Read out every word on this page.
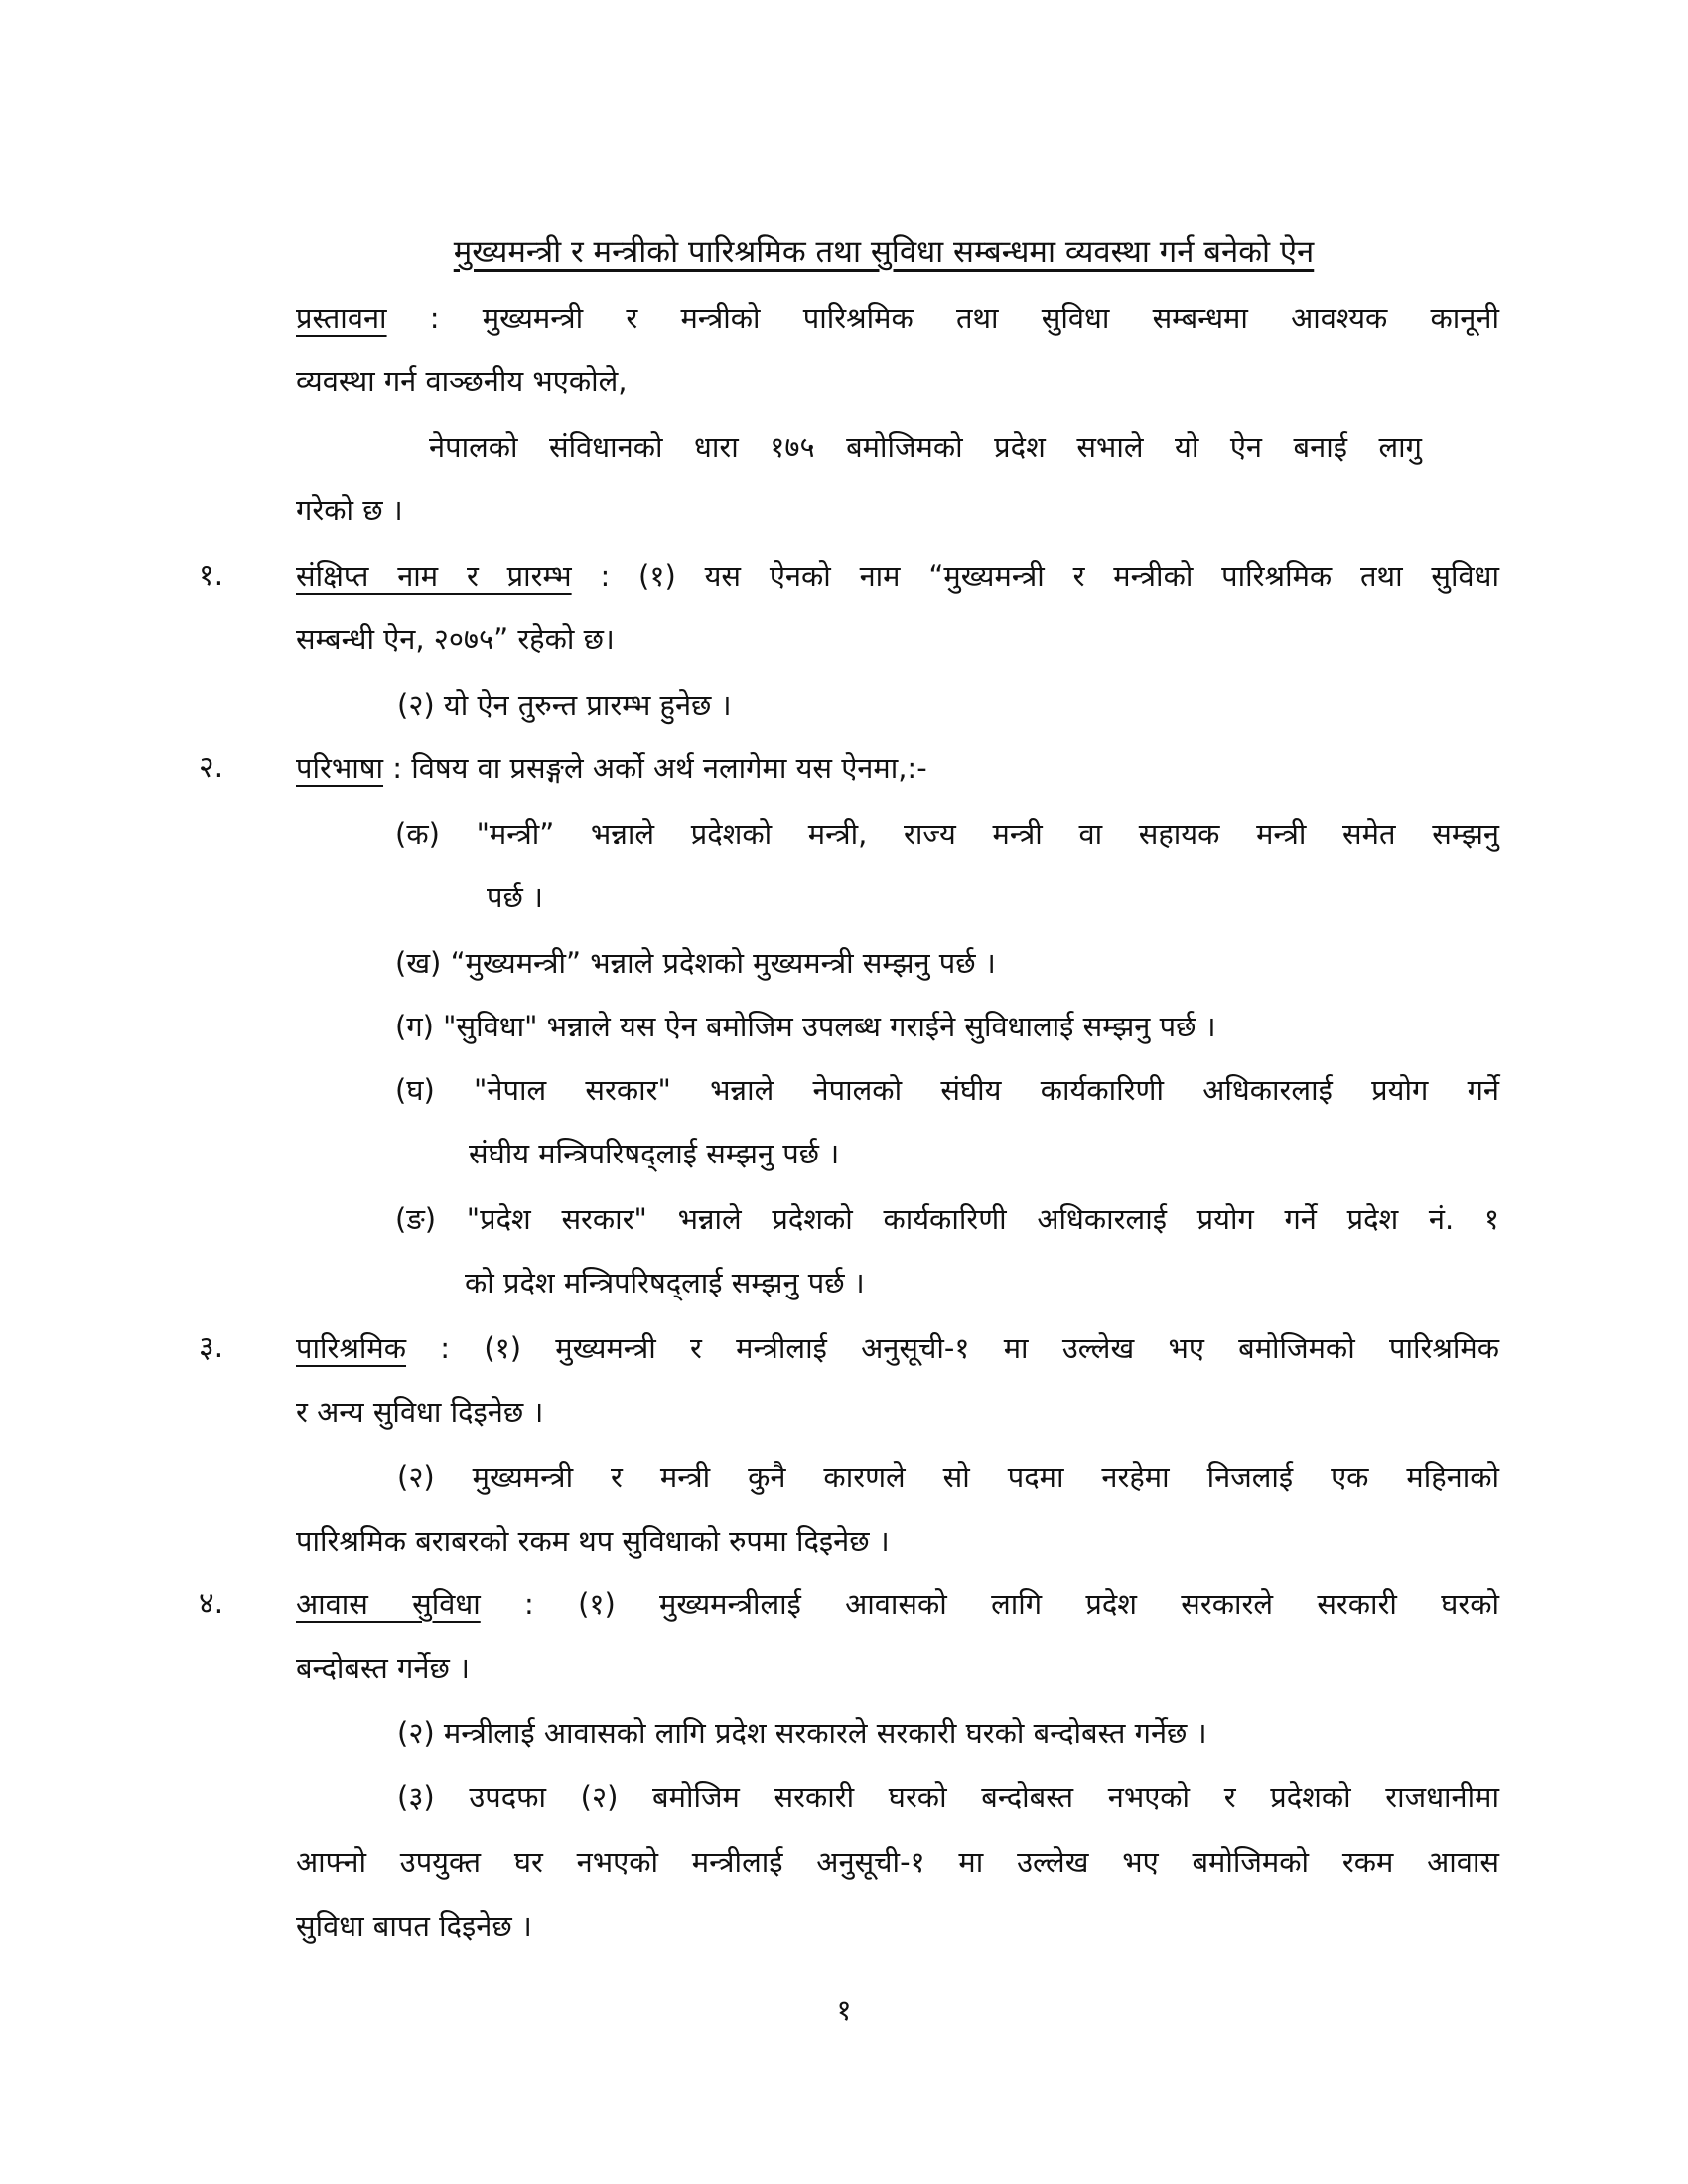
मुख्यमन्त्री र मन्त्रीको पारिश्रमिक तथा सुविधा सम्बन्धमा व्यवस्था गर्न बनेको ऐन
प्रस्तावना : मुख्यमन्त्री र मन्त्रीको पारिश्रमिक तथा सुविधा सम्बन्धमा आवश्यक कानूनी
व्यवस्था गर्न वाञ्छनीय भएकोले,
नेपालको संविधानको धारा १७५ बमोजिमको प्रदेश सभाले यो ऐन बनाई लागु
गरेको छ ।
१.	संक्षिप्त नाम र प्रारम्भ : (१) यस ऐनको नाम “मुख्यमन्त्री र मन्त्रीको पारिश्रमिक तथा सुविधा
सम्बन्धी ऐन, २०७५” रहेको छ।
(२) यो ऐन तुरुन्त प्रारम्भ हुनेछ ।
२.	परिभाषा : विषय वा प्रसङ्गले अर्को अर्थ नलागेमा यस ऐनमा,:-
(क) "मन्त्री” भन्नाले प्रदेशको मन्त्री, राज्य मन्त्री वा सहायक मन्त्री समेत सम्झनु
पर्छ ।
(ख) “मुख्यमन्त्री” भन्नाले प्रदेशको मुख्यमन्त्री सम्झनु पर्छ ।
(ग) "सुविधा" भन्नाले यस ऐन बमोजिम उपलब्ध गराईने सुविधालाई सम्झनु पर्छ ।
(घ) "नेपाल सरकार" भन्नाले नेपालको संघीय कार्यकारिणी अधिकारलाई प्रयोग गर्ने
संघीय मन्त्रिपरिषद्लाई सम्झनु पर्छ ।
(ङ) "प्रदेश सरकार" भन्नाले प्रदेशको कार्यकारिणी अधिकारलाई प्रयोग गर्ने प्रदेश नं. १
को प्रदेश मन्त्रिपरिषद्लाई सम्झनु पर्छ ।
३.	पारिश्रमिक : (१) मुख्यमन्त्री र मन्त्रीलाई अनुसूची-१ मा उल्लेख भए बमोजिमको पारिश्रमिक
र अन्य सुविधा दिइनेछ ।
(२) मुख्यमन्त्री र मन्त्री कुनै कारणले सो पदमा नरहेमा निजलाई एक महिनाको
पारिश्रमिक बराबरको रकम थप सुविधाको रुपमा दिइनेछ ।
४.	आवास सुविधा : (१) मुख्यमन्त्रीलाई आवासको लागि प्रदेश सरकारले सरकारी घरको
बन्दोबस्त गर्नेछ ।
(२) मन्त्रीलाई आवासको लागि प्रदेश सरकारले सरकारी घरको बन्दोबस्त गर्नेछ ।
(३) उपदफा (२) बमोजिम सरकारी घरको बन्दोबस्त नभएको र प्रदेशको राजधानीमा
आफ्नो उपयुक्त घर नभएको मन्त्रीलाई अनुसूची-१ मा उल्लेख भए बमोजिमको रकम आवास
सुविधा बापत दिइनेछ ।
१
